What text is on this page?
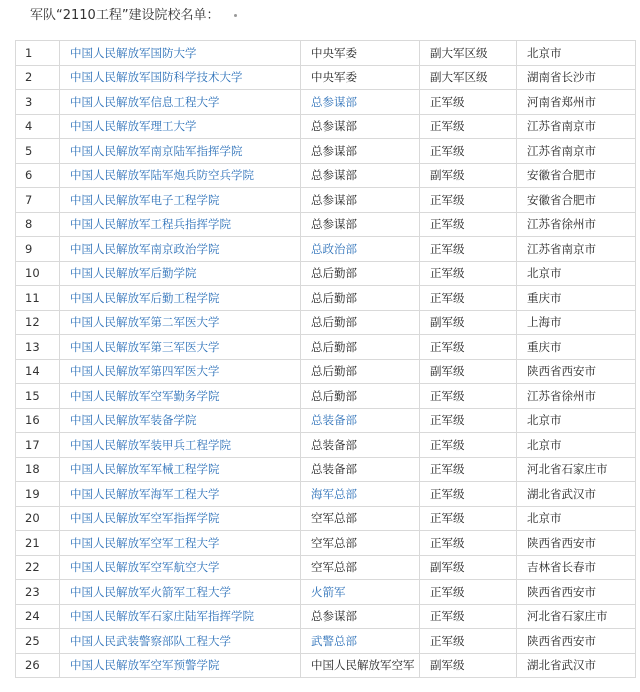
军队“2110工程”建设院校名单：
1	中国人民解放军国防大学	中央军委	副大军区级	北京市
2	中国人民解放军国防科学技术大学	中央军委	副大军区级	湖南省长沙市
3	中国人民解放军信息工程大学	总参谋部	正军级	河南省郑州市
4	中国人民解放军理工大学	总参谋部	正军级	江苏省南京市
5	中国人民解放军南京陆军指挥学院	总参谋部	正军级	江苏省南京市
6	中国人民解放军陆军炮兵防空兵学院	总参谋部	副军级	安徽省合肥市
7	中国人民解放军电子工程学院	总参谋部	正军级	安徽省合肥市
8	中国人民解放军工程兵指挥学院	总参谋部	正军级	江苏省徐州市
9	中国人民解放军南京政治学院	总政治部	正军级	江苏省南京市
10	中国人民解放军后勤学院	总后勤部	正军级	北京市
11	中国人民解放军后勤工程学院	总后勤部	正军级	重庆市
12	中国人民解放军第二军医大学	总后勤部	副军级	上海市
13	中国人民解放军第三军医大学	总后勤部	正军级	重庆市
14	中国人民解放军第四军医大学	总后勤部	副军级	陕西省西安市
15	中国人民解放军空军勤务学院	总后勤部	正军级	江苏省徐州市
16	中国人民解放军装备学院	总装备部	正军级	北京市
17	中国人民解放军装甲兵工程学院	总装备部	正军级	北京市
18	中国人民解放军军械工程学院	总装备部	正军级	河北省石家庄市
19	中国人民解放军海军工程大学	海军总部	正军级	湖北省武汉市
20	中国人民解放军空军指挥学院	空军总部	正军级	北京市
21	中国人民解放军空军工程大学	空军总部	正军级	陕西省西安市
22	中国人民解放军空军航空大学	空军总部	副军级	吉林省长春市
23	中国人民解放军火箭军工程大学	火箭军	正军级	陕西省西安市
24	中国人民解放军石家庄陆军指挥学院	总参谋部	正军级	河北省石家庄市
25	中国人民武装警察部队工程大学	武警总部	正军级	陕西省西安市
26	中国人民解放军空军预警学院	中国人民解放军空军	副军级	湖北省武汉市
